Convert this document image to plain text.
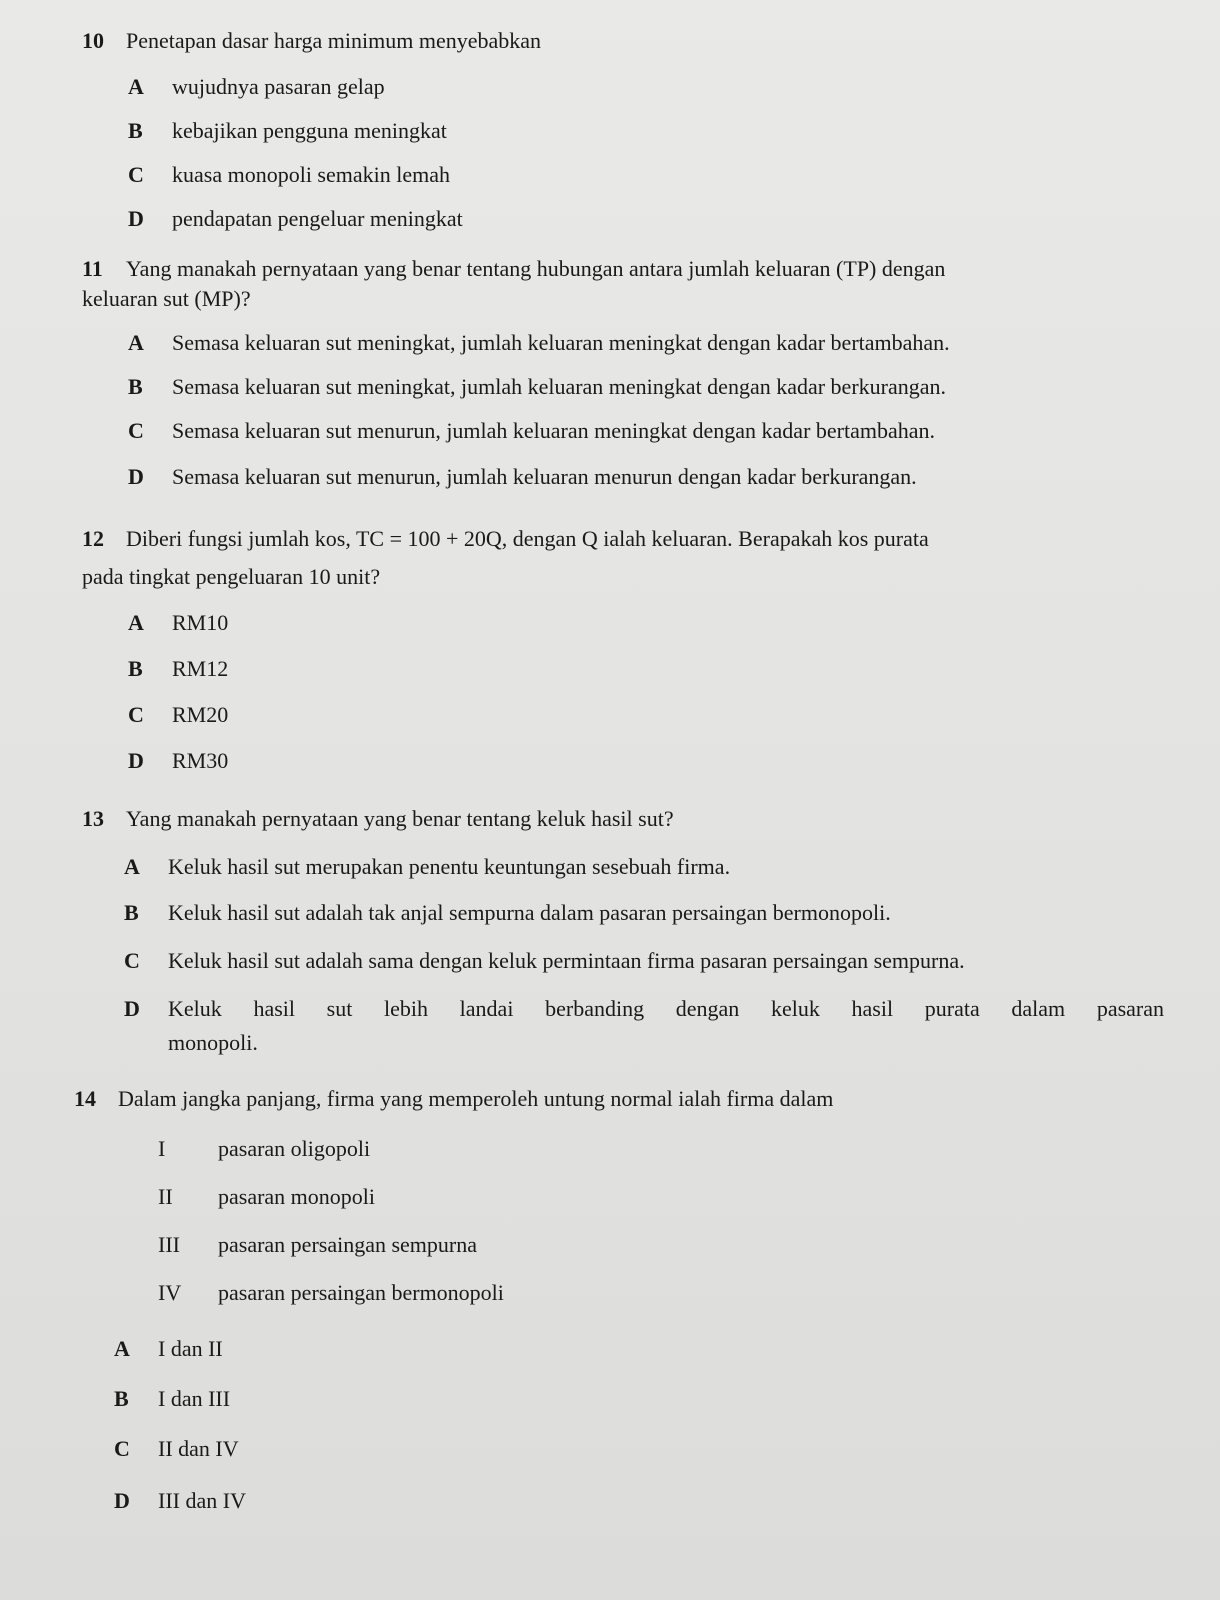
10	Penetapan dasar harga minimum menyebabkan
A	wujudnya pasaran gelap
B	kebajikan pengguna meningkat
C	kuasa monopoli semakin lemah
D	pendapatan pengeluar meningkat
11	Yang manakah pernyataan yang benar tentang hubungan antara jumlah keluaran (TP) dengan
keluaran sut (MP)?
A	Semasa keluaran sut meningkat, jumlah keluaran meningkat dengan kadar bertambahan.
B	Semasa keluaran sut meningkat, jumlah keluaran meningkat dengan kadar berkurangan.
C	Semasa keluaran sut menurun, jumlah keluaran meningkat dengan kadar bertambahan.
D	Semasa keluaran sut menurun, jumlah keluaran menurun dengan kadar berkurangan.
12	Diberi fungsi jumlah kos, TC = 100 + 20Q, dengan Q ialah keluaran. Berapakah kos purata
pada tingkat pengeluaran 10 unit?
A	RM10
B	RM12
C	RM20
D	RM30
13	Yang manakah pernyataan yang benar tentang keluk hasil sut?
A	Keluk hasil sut merupakan penentu keuntungan sesebuah firma.
B	Keluk hasil sut adalah tak anjal sempurna dalam pasaran persaingan bermonopoli.
C	Keluk hasil sut adalah sama dengan keluk permintaan firma pasaran persaingan sempurna.
D	Keluk hasil sut lebih landai berbanding dengan keluk hasil purata dalam pasaran
monopoli.
14	Dalam jangka panjang, firma yang memperoleh untung normal ialah firma dalam
I	pasaran oligopoli
II	pasaran monopoli
III	pasaran persaingan sempurna
IV	pasaran persaingan bermonopoli
A	I dan II
B	I dan III
C	II dan IV
D	III dan IV
